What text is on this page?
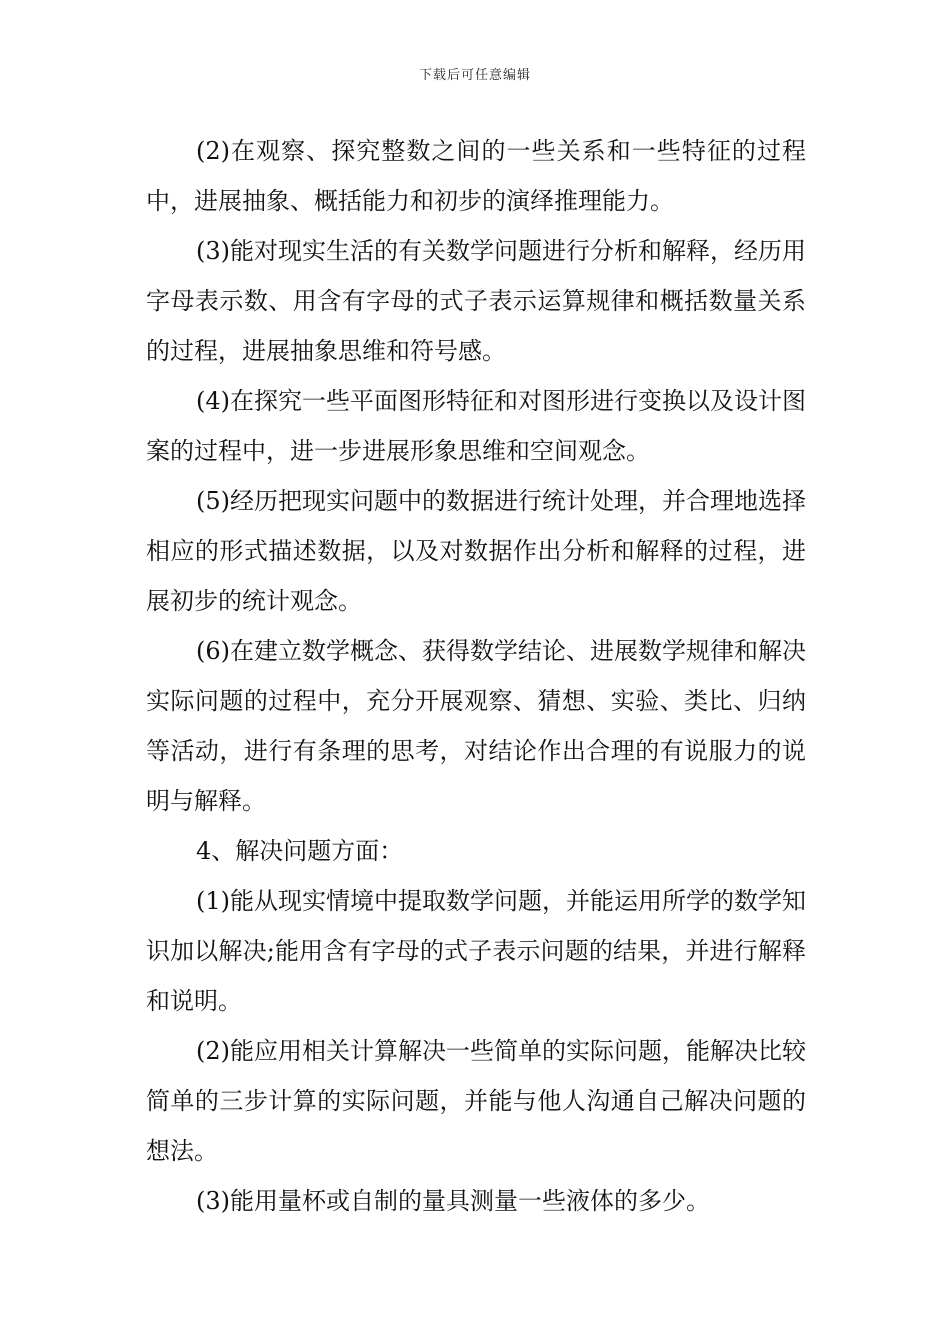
下载后可任意编辑

(2)在观察、探究整数之间的一些关系和一些特征的过程中，进展抽象、概括能力和初步的演绎推理能力。

(3)能对现实生活的有关数学问题进行分析和解释，经历用字母表示数、用含有字母的式子表示运算规律和概括数量关系的过程，进展抽象思维和符号感。

(4)在探究一些平面图形特征和对图形进行变换以及设计图案的过程中，进一步进展形象思维和空间观念。

(5)经历把现实问题中的数据进行统计处理，并合理地选择相应的形式描述数据，以及对数据作出分析和解释的过程，进展初步的统计观念。

(6)在建立数学概念、获得数学结论、进展数学规律和解决实际问题的过程中，充分开展观察、猜想、实验、类比、归纳等活动，进行有条理的思考，对结论作出合理的有说服力的说明与解释。

4、解决问题方面：

(1)能从现实情境中提取数学问题，并能运用所学的数学知识加以解决;能用含有字母的式子表示问题的结果，并进行解释和说明。

(2)能应用相关计算解决一些简单的实际问题，能解决比较简单的三步计算的实际问题，并能与他人沟通自己解决问题的想法。

(3)能用量杯或自制的量具测量一些液体的多少。
